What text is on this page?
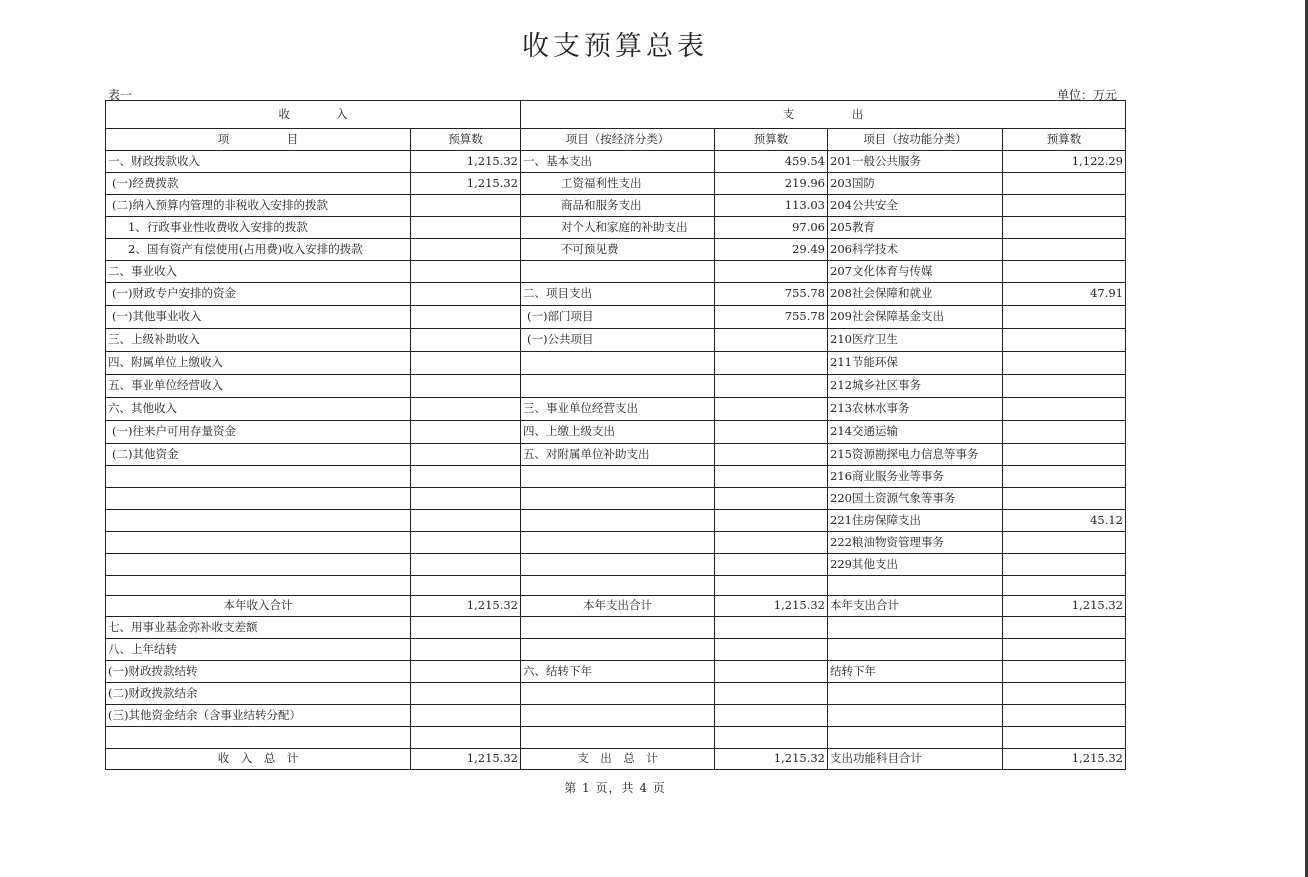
收支预算总表
表一	单位：万元
收　　　　入		支　　　　　出			
项　　　　　目	预算数	项目（按经济分类）	预算数	项目（按功能分类）	预算数
一、财政拨款收入	1,215.32	一、基本支出	459.54	201一般公共服务	1,122.29
(一)经费拨款	1,215.32	工资福利性支出	219.96	203国防	
(二)纳入预算内管理的非税收入安排的拨款		商品和服务支出	113.03	204公共安全	
1、行政事业性收费收入安排的拨款		对个人和家庭的补助支出	97.06	205教育	
2、国有资产有偿使用(占用费)收入安排的拨款		不可预见费	29.49	206科学技术	
二、事业收入				207文化体育与传媒	
(一)财政专户安排的资金		二、项目支出	755.78	208社会保障和就业	47.91
(一)其他事业收入		(一)部门项目	755.78	209社会保障基金支出	
三、上级补助收入		(一)公共项目		210医疗卫生	
四、附属单位上缴收入				211节能环保	
五、事业单位经营收入				212城乡社区事务	
六、其他收入		三、事业单位经营支出		213农林水事务	
(一)往来户可用存量资金		四、上缴上级支出		214交通运输	
(二)其他资金		五、对附属单位补助支出		215资源勘探电力信息等事务	
				216商业服务业等事务	
				220国土资源气象等事务	
				221住房保障支出	45.12
				222粮油物资管理事务	
				229其他支出	

本年收入合计	1,215.32	本年支出合计	1,215.32	本年支出合计	1,215.32
七、用事业基金弥补收支差额					
八、上年结转					
(一)财政拨款结转		六、结转下年		结转下年	
(二)财政拨款结余					
(三)其他资金结余（含事业结转分配）					

收　入　总　计	1,215.32	支　出　总　计	1,215.32	支出功能科目合计	1,215.32
第 1 页，共 4 页
